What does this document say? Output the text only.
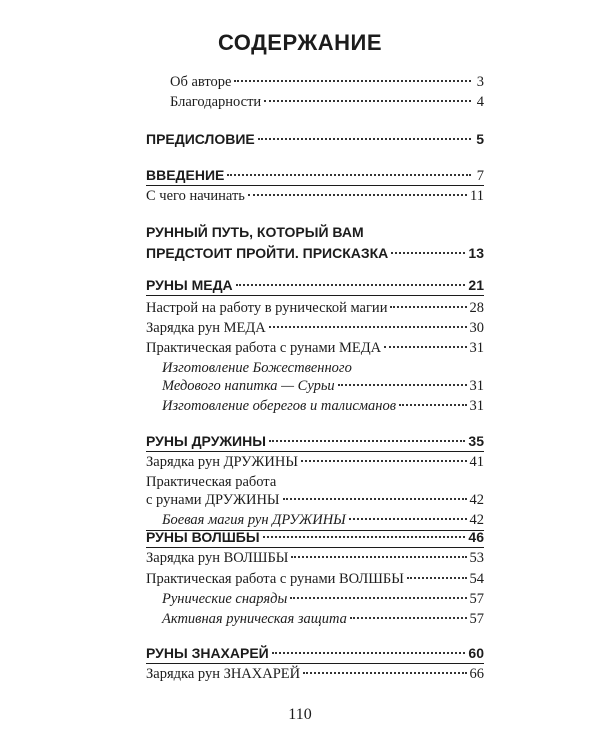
СОДЕРЖАНИЕ
Об авторе	3
Благодарности	4
ПРЕДИСЛОВИЕ	5
ВВЕДЕНИЕ	7
С чего начинать	11
РУННЫЙ ПУТЬ, КОТОРЫЙ ВАМ
ПРЕДСТОИТ ПРОЙТИ. ПРИСКАЗКА	13
РУНЫ МЕДА	21
Настрой на работу в рунической магии	28
Зарядка рун МЕДА	30
Практическая работа с рунами МЕДА	31
Изготовление Божественного
Медового напитка — Сурьи	31
Изготовление оберегов и талисманов	31
РУНЫ ДРУЖИНЫ	35
Зарядка рун ДРУЖИНЫ	41
Практическая работа
с рунами ДРУЖИНЫ	42
Боевая магия рун ДРУЖИНЫ	42
РУНЫ ВОЛШБЫ	46
Зарядка рун ВОЛШБЫ	53
Практическая работа с рунами ВОЛШБЫ	54
Рунические снаряды	57
Активная руническая защита	57
РУНЫ ЗНАХАРЕЙ	60
Зарядка рун ЗНАХАРЕЙ	66
110
